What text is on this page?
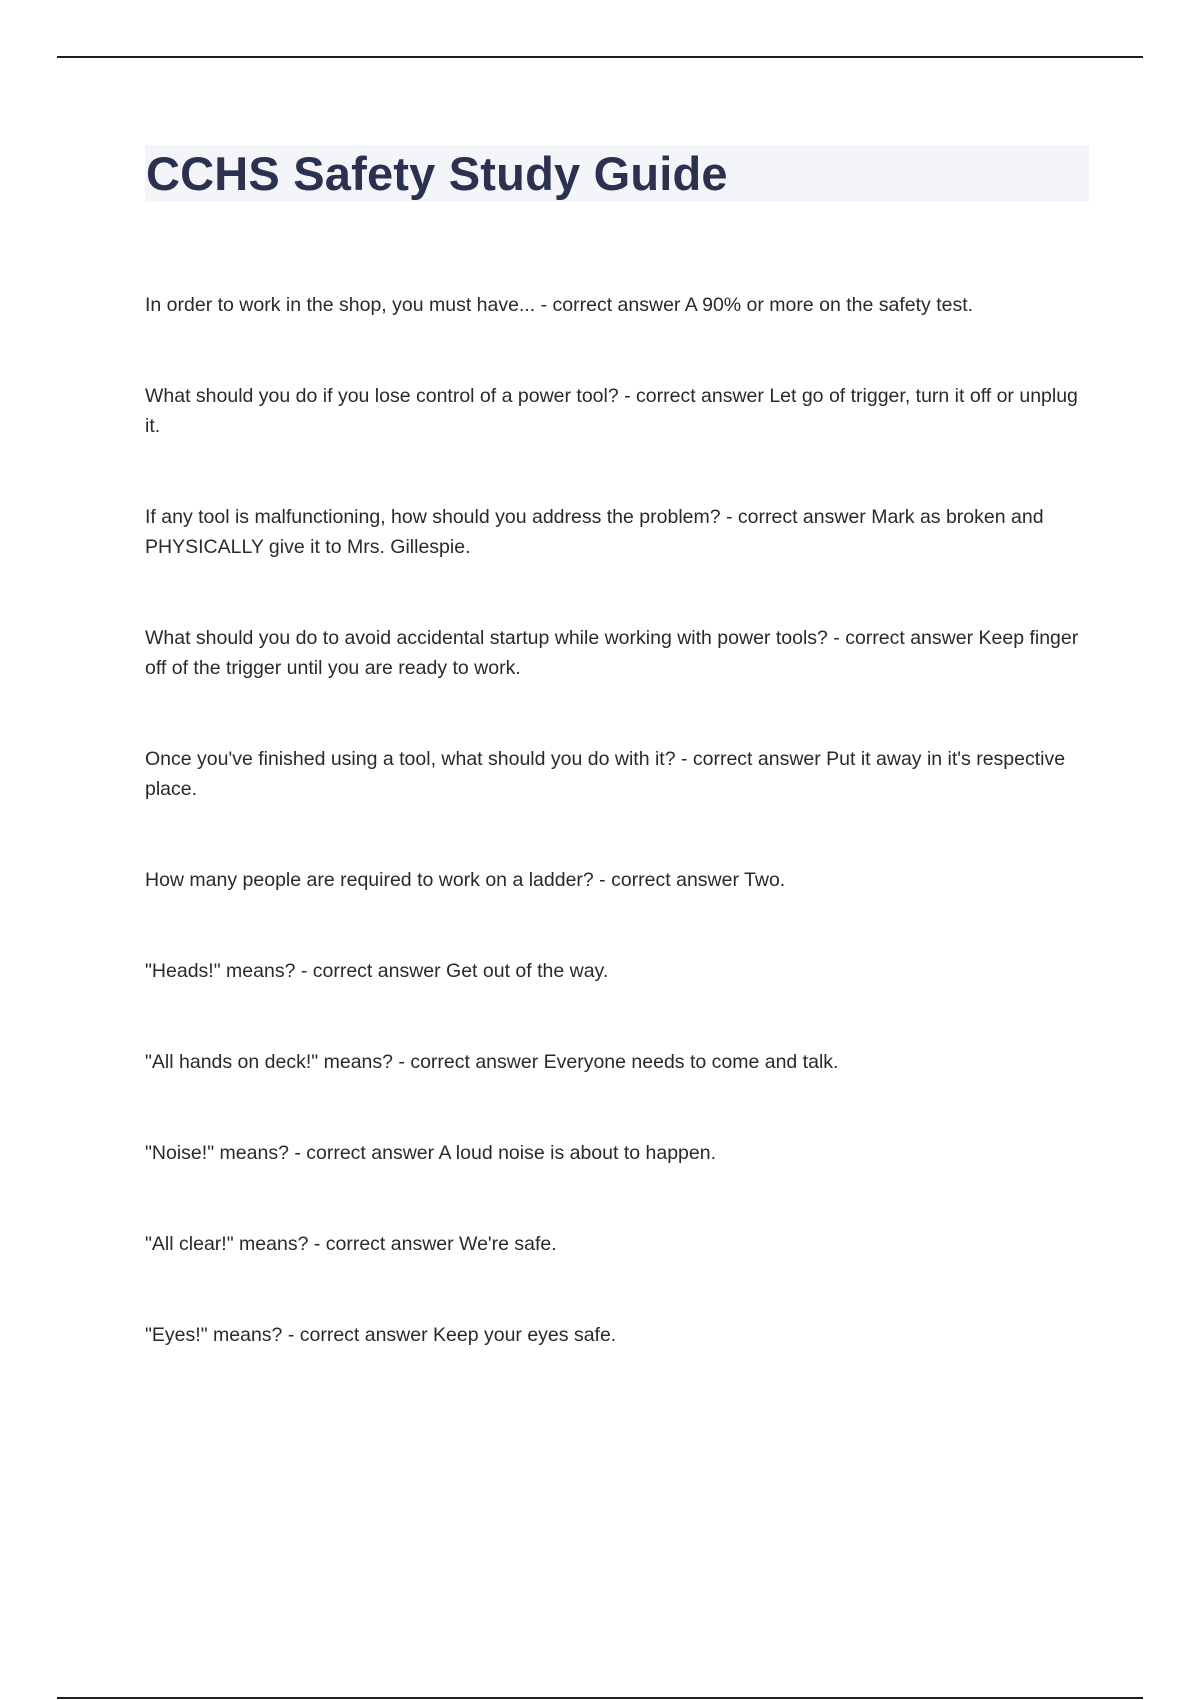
CCHS Safety Study Guide
In order to work in the shop, you must have... - correct answer A 90% or more on the safety test.
What should you do if you lose control of a power tool? - correct answer Let go of trigger, turn it off or unplug it.
If any tool is malfunctioning, how should you address the problem? - correct answer Mark as broken and PHYSICALLY give it to Mrs. Gillespie.
What should you do to avoid accidental startup while working with power tools? - correct answer Keep finger off of the trigger until you are ready to work.
Once you've finished using a tool, what should you do with it? - correct answer Put it away in it's respective place.
How many people are required to work on a ladder? - correct answer Two.
"Heads!" means? - correct answer Get out of the way.
"All hands on deck!" means? - correct answer Everyone needs to come and talk.
"Noise!" means? - correct answer A loud noise is about to happen.
"All clear!" means? - correct answer We're safe.
"Eyes!" means? - correct answer Keep your eyes safe.
